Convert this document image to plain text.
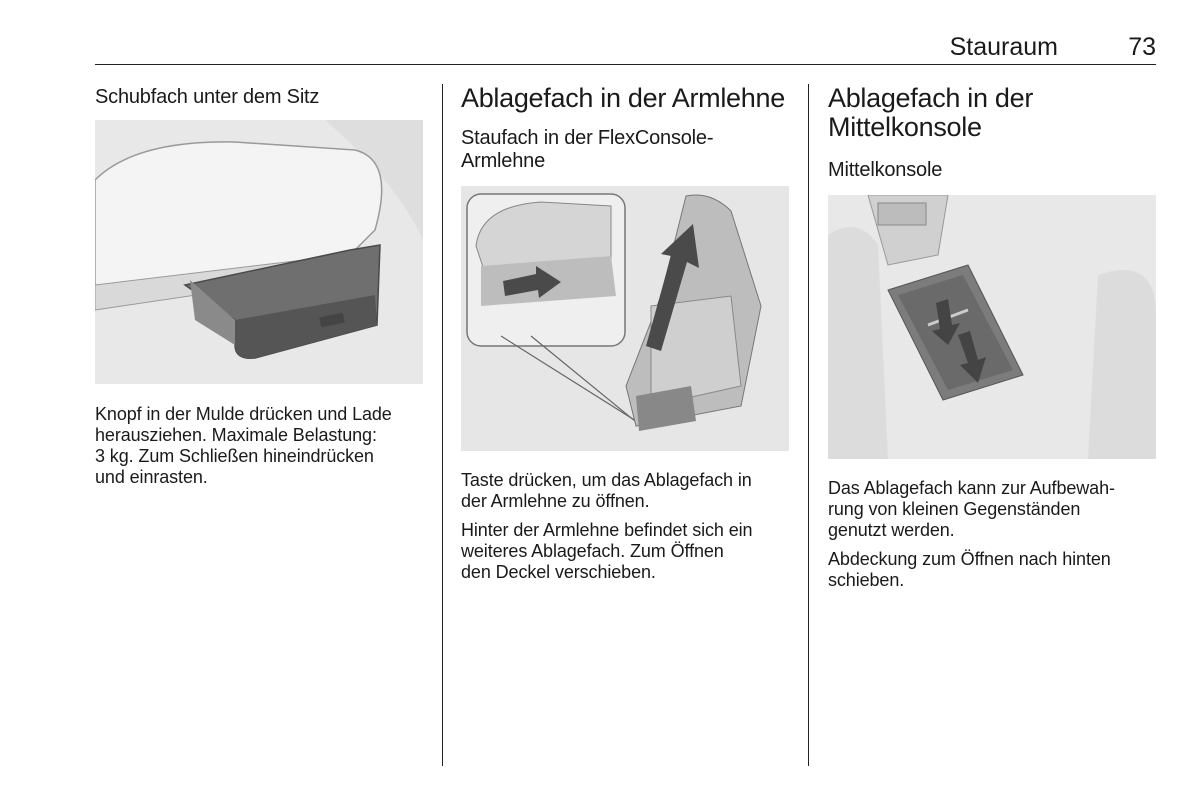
Stauraum	73
Schubfach unter dem Sitz

Knopf in der Mulde drücken und Lade

herausziehen. Maximale Belastung:

3 kg. Zum Schließen hineindrücken

und einrasten.

Ablagefach in der Armlehne
Staufach in der FlexConsole-
Armlehne

Taste drücken, um das Ablagefach in

der Armlehne zu öffnen.

Hinter der Armlehne befindet sich ein

weiteres Ablagefach. Zum Öffnen

den Deckel verschieben.

Ablagefach in der
Mittelkonsole
Mittelkonsole

Das Ablagefach kann zur Aufbewah-

rung von kleinen Gegenständen

genutzt werden.

Abdeckung zum Öffnen nach hinten

schieben.
